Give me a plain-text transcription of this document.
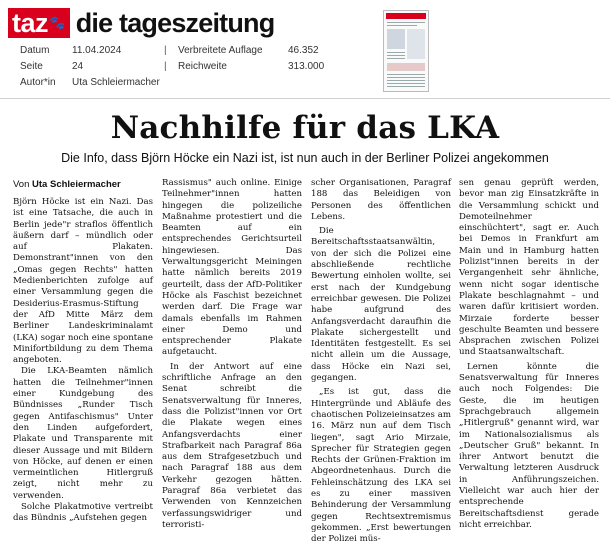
taz 🐾 die tageszeitung
Datum	11.04.2024	|	Verbreitete Auflage	46.352
Seite	24	|	Reichweite	313.000
Autor*in	Uta Schleiermacher
Nachhilfe für das LKA
Die Info, dass Björn Höcke ein Nazi ist, ist nun auch in der Berliner Polizei angekommen

Von Uta Schleiermacher

Björn Höcke ist ein Nazi. Das ist eine Tatsache, die auch in Berlin jede"r straflos öffentlich äußern darf – mündlich oder auf Plakaten. Demonstrant"innen von den „Omas gegen Rechts" hatten Medienberichten zufolge auf einer Versammlung gegen die Desiderius-Erasmus-Stiftung der AfD Mitte März dem Berliner Landeskriminalamt (LKA) sogar noch eine spontane Minifortbildung zu dem Thema angeboten.

Die LKA-Beamten nämlich hatten die Teilnehmer"innen einer Kundgebung des Bündnisses „Runder Tisch gegen Antifaschismus" Unter den Linden aufgefordert, Plakate und Transparente mit dieser Aussage und mit Bildern von Höcke, auf denen er einen vermeintlichen Hitlergruß zeigt, nicht mehr zu verwenden.

Solche Plakatmotive vertreibt das Bündnis „Aufstehen gegen

Rassismus" auch online. Einige Teilnehmer"innen hatten hingegen die polizeiliche Maßnahme protestiert und die Beamten auf ein entsprechendes Gerichtsurteil hingewiesen. Das Verwaltungsgericht Meiningen hatte nämlich bereits 2019 geurteilt, dass der AfD-Politiker Höcke als Faschist bezeichnet werden darf. Die Frage war damals ebenfalls im Rahmen einer Demo und entsprechender Plakate aufgetaucht.

In der Antwort auf eine schriftliche Anfrage an den Senat schreibt die Senatsverwaltung für Inneres, dass die Polizist"innen vor Ort die Plakate wegen eines Anfangsverdachts einer Strafbarkeit nach Paragraf 86a aus dem Strafgesetzbuch und nach Paragraf 188 aus dem Verkehr gezogen hätten. Paragraf 86a verbietet das Verwenden von Kennzeichen verfassungswidriger und terroristi-

scher Organisationen, Paragraf 188 das Beleidigen von Personen des öffentlichen Lebens.

Die Bereitschaftsstaatsanwältin, von der sich die Polizei eine abschließende rechtliche Bewertung einholen wollte, sei erst nach der Kundgebung erreichbar gewesen. Die Polizei habe aufgrund des Anfangsverdacht daraufhin die Plakate sichergestellt und Identitäten festgestellt. Es sei nicht allein um die Aussage, dass Höcke ein Nazi sei, gegangen.

„Es ist gut, dass die Hintergründe und Abläufe des chaotischen Polizeieinsatzes am 16. März nun auf dem Tisch liegen", sagt Ario Mirzaie, Sprecher für Strategien gegen Rechts der Grünen-Fraktion im Abgeordnetenhaus. Durch die Fehleinschätzung des LKA sei es zu einer massiven Behinderung der Versammlung gegen Rechtsextremismus gekommen. „Erst bewertungen der Polizei müs-

sen genau geprüft werden, bevor man zig Einsatzkräfte in die Versammlung schickt und Demoteilnehmer einschüchtert", sagt er. Auch bei Demos in Frankfurt am Main und in Hamburg hatten Polizist"innen bereits in der Vergangenheit sehr ähnliche, wenn nicht sogar identische Plakate beschlagnahmt – und waren dafür kritisiert worden. Mirzaie forderte besser geschulte Beamten und bessere Absprachen zwischen Polizei und Staatsanwaltschaft.

Lernen könnte die Senatsverwaltung für Inneres auch noch Folgendes: Die Geste, die im heutigen Sprachgebrauch allgemein „Hitlergruß" genannt wird, war im Nationalsozialismus als „Deutscher Gruß" bekannt. In ihrer Antwort benutzt die Verwaltung letzteren Ausdruck in Anführungszeichen. Vielleicht war auch hier der entsprechende Bereitschaftsdienst gerade nicht erreichbar.
